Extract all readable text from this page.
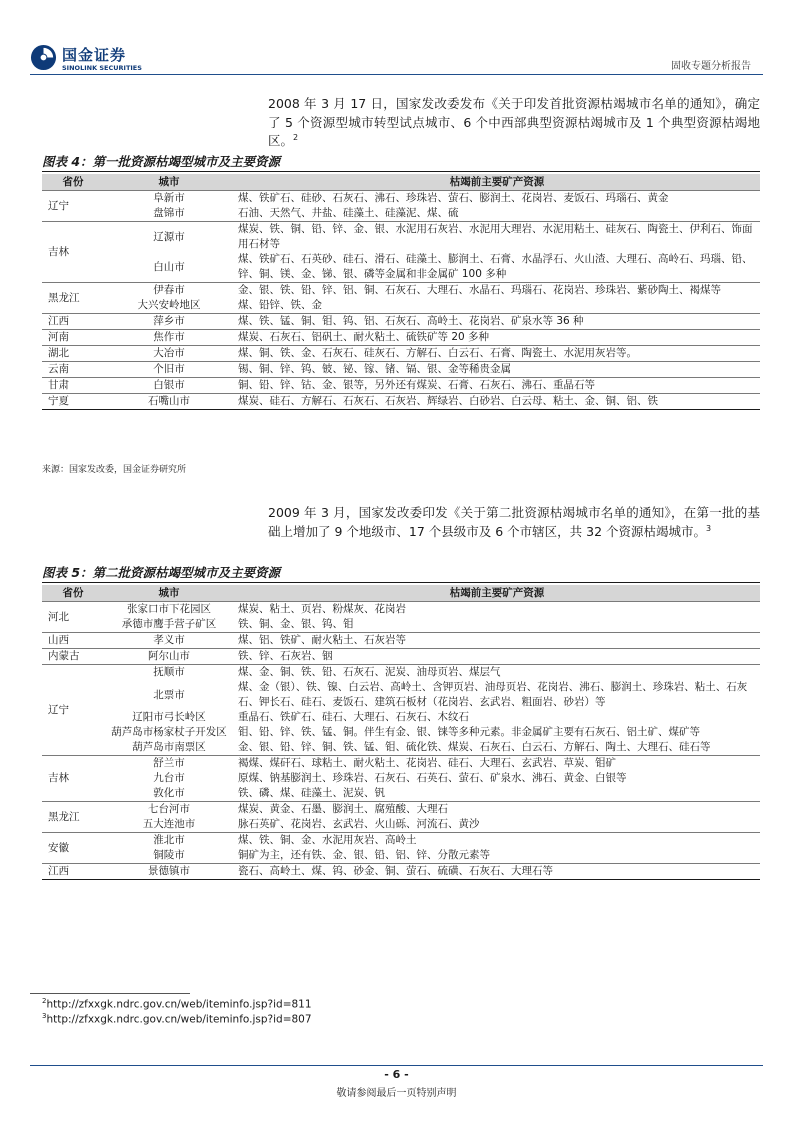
国金证券
SINOLINK SECURITIES	固收专题分析报告
2008 年 3 月 17 日，国家发改委发布《关于印发首批资源枯竭城市名单的通知》，确定了 5 个资源型城市转型试点城市、6 个中西部典型资源枯竭城市及 1 个典型资源枯竭地区。$^2$
图表 4：第一批资源枯竭型城市及主要资源
省份	城市	枯竭前主要矿产资源
辽宁	阜新市	煤、铁矿石、硅砂、石灰石、沸石、珍珠岩、萤石、膨润土、花岗岩、麦饭石、玛瑙石、黄金
	盘锦市	石油、天然气、井盐、硅藻土、硅藻泥、煤、硫
吉林	辽源市	煤炭、铁、铜、铅、锌、金、银、水泥用石灰岩、水泥用大理岩、水泥用粘土、硅灰石、陶瓷土、伊利石、饰面用石材等
	白山市	煤、铁矿石、石英砂、硅石、滑石、硅藻土、膨润土、石膏、水晶浮石、火山渣、大理石、高岭石、玛瑙、铅、锌、铜、镁、金、锑、银、磷等金属和非金属矿 100 多种
黑龙江	伊春市	金、银、铁、铅、锌、铝、铜、石灰石、大理石、水晶石、玛瑙石、花岗岩、珍珠岩、紫砂陶土、褐煤等
	大兴安岭地区	煤、铅锌、铁、金
江西	萍乡市	煤、铁、锰、铜、钼、钨、铝、石灰石、高岭土、花岗岩、矿泉水等 36 种
河南	焦作市	煤炭、石灰石、铝矾土、耐火粘土、硫铁矿等 20 多种
湖北	大冶市	煤、铜、铁、金、石灰石、硅灰石、方解石、白云石、石膏、陶瓷土、水泥用灰岩等。
云南	个旧市	锡、铜、锌、钨、铍、铋、镓、锗、镉、银、金等稀贵金属
甘肃	白银市	铜、铅、锌、钴、金、银等，另外还有煤炭、石膏、石灰石、沸石、重晶石等
宁夏	石嘴山市	煤炭、硅石、方解石、石灰石、石灰岩、辉绿岩、白砂岩、白云母、粘土、金、铜、铝、铁
来源：国家发改委，国金证券研究所
2009 年 3 月，国家发改委印发《关于第二批资源枯竭城市名单的通知》，在第一批的基础上增加了 9 个地级市、17 个县级市及 6 个市辖区，共 32 个资源枯竭城市。$^3$
图表 5：第二批资源枯竭型城市及主要资源
省份	城市	枯竭前主要矿产资源
河北	张家口市下花园区	煤炭、粘土、页岩、粉煤灰、花岗岩
	承德市鹰手营子矿区	铁、铜、金、银、钨、钼
山西	孝义市	煤、铝、铁矿、耐火粘土、石灰岩等
内蒙古	阿尔山市	铁、锌、石灰岩、铟
辽宁	抚顺市	煤、金、铜、铁、铅、石灰石、泥炭、油母页岩、煤层气
	北票市	煤、金（银）、铁、镍、白云岩、高岭土、含钾页岩、油母页岩、花岗岩、沸石、膨润土、珍珠岩、粘土、石灰石、钾长石、硅石、麦饭石、建筑石板材（花岗岩、玄武岩、粗面岩、砂岩）等
	辽阳市弓长岭区	重晶石、铁矿石、硅石、大理石、石灰石、木纹石
	葫芦岛市杨家杖子开发区	钼、铅、锌、铁、锰、铜。伴生有金、银、铼等多种元素。非金属矿主要有石灰石、铝土矿、煤矿等
	葫芦岛市南票区	金、银、铅、锌、铜、铁、锰、钼、硫化铁、煤炭、石灰石、白云石、方解石、陶土、大理石、硅石等
吉林	舒兰市	褐煤、煤矸石、球粘土、耐火粘土、花岗岩、硅石、大理石、玄武岩、草炭、钼矿
	九台市	原煤、钠基膨润土、珍珠岩、石灰石、石英石、萤石、矿泉水、沸石、黄金、白银等
	敦化市	铁、磷、煤、硅藻土、泥炭、钒
黑龙江	七台河市	煤炭、黄金、石墨、膨润土、腐殖酸、大理石
	五大连池市	脉石英矿、花岗岩、玄武岩、火山砾、河流石、黄沙
安徽	淮北市	煤、铁、铜、金、水泥用灰岩、高岭土
	铜陵市	铜矿为主，还有铁、金、银、铅、铝、锌、分散元素等
江西	景德镇市	瓷石、高岭土、煤、钨、砂金、铜、萤石、硫磺、石灰石、大理石等
$^2$http://zfxxgk.ndrc.gov.cn/web/iteminfo.jsp?id=811
$^3$http://zfxxgk.ndrc.gov.cn/web/iteminfo.jsp?id=807
- 6 -
敬请参阅最后一页特别声明
